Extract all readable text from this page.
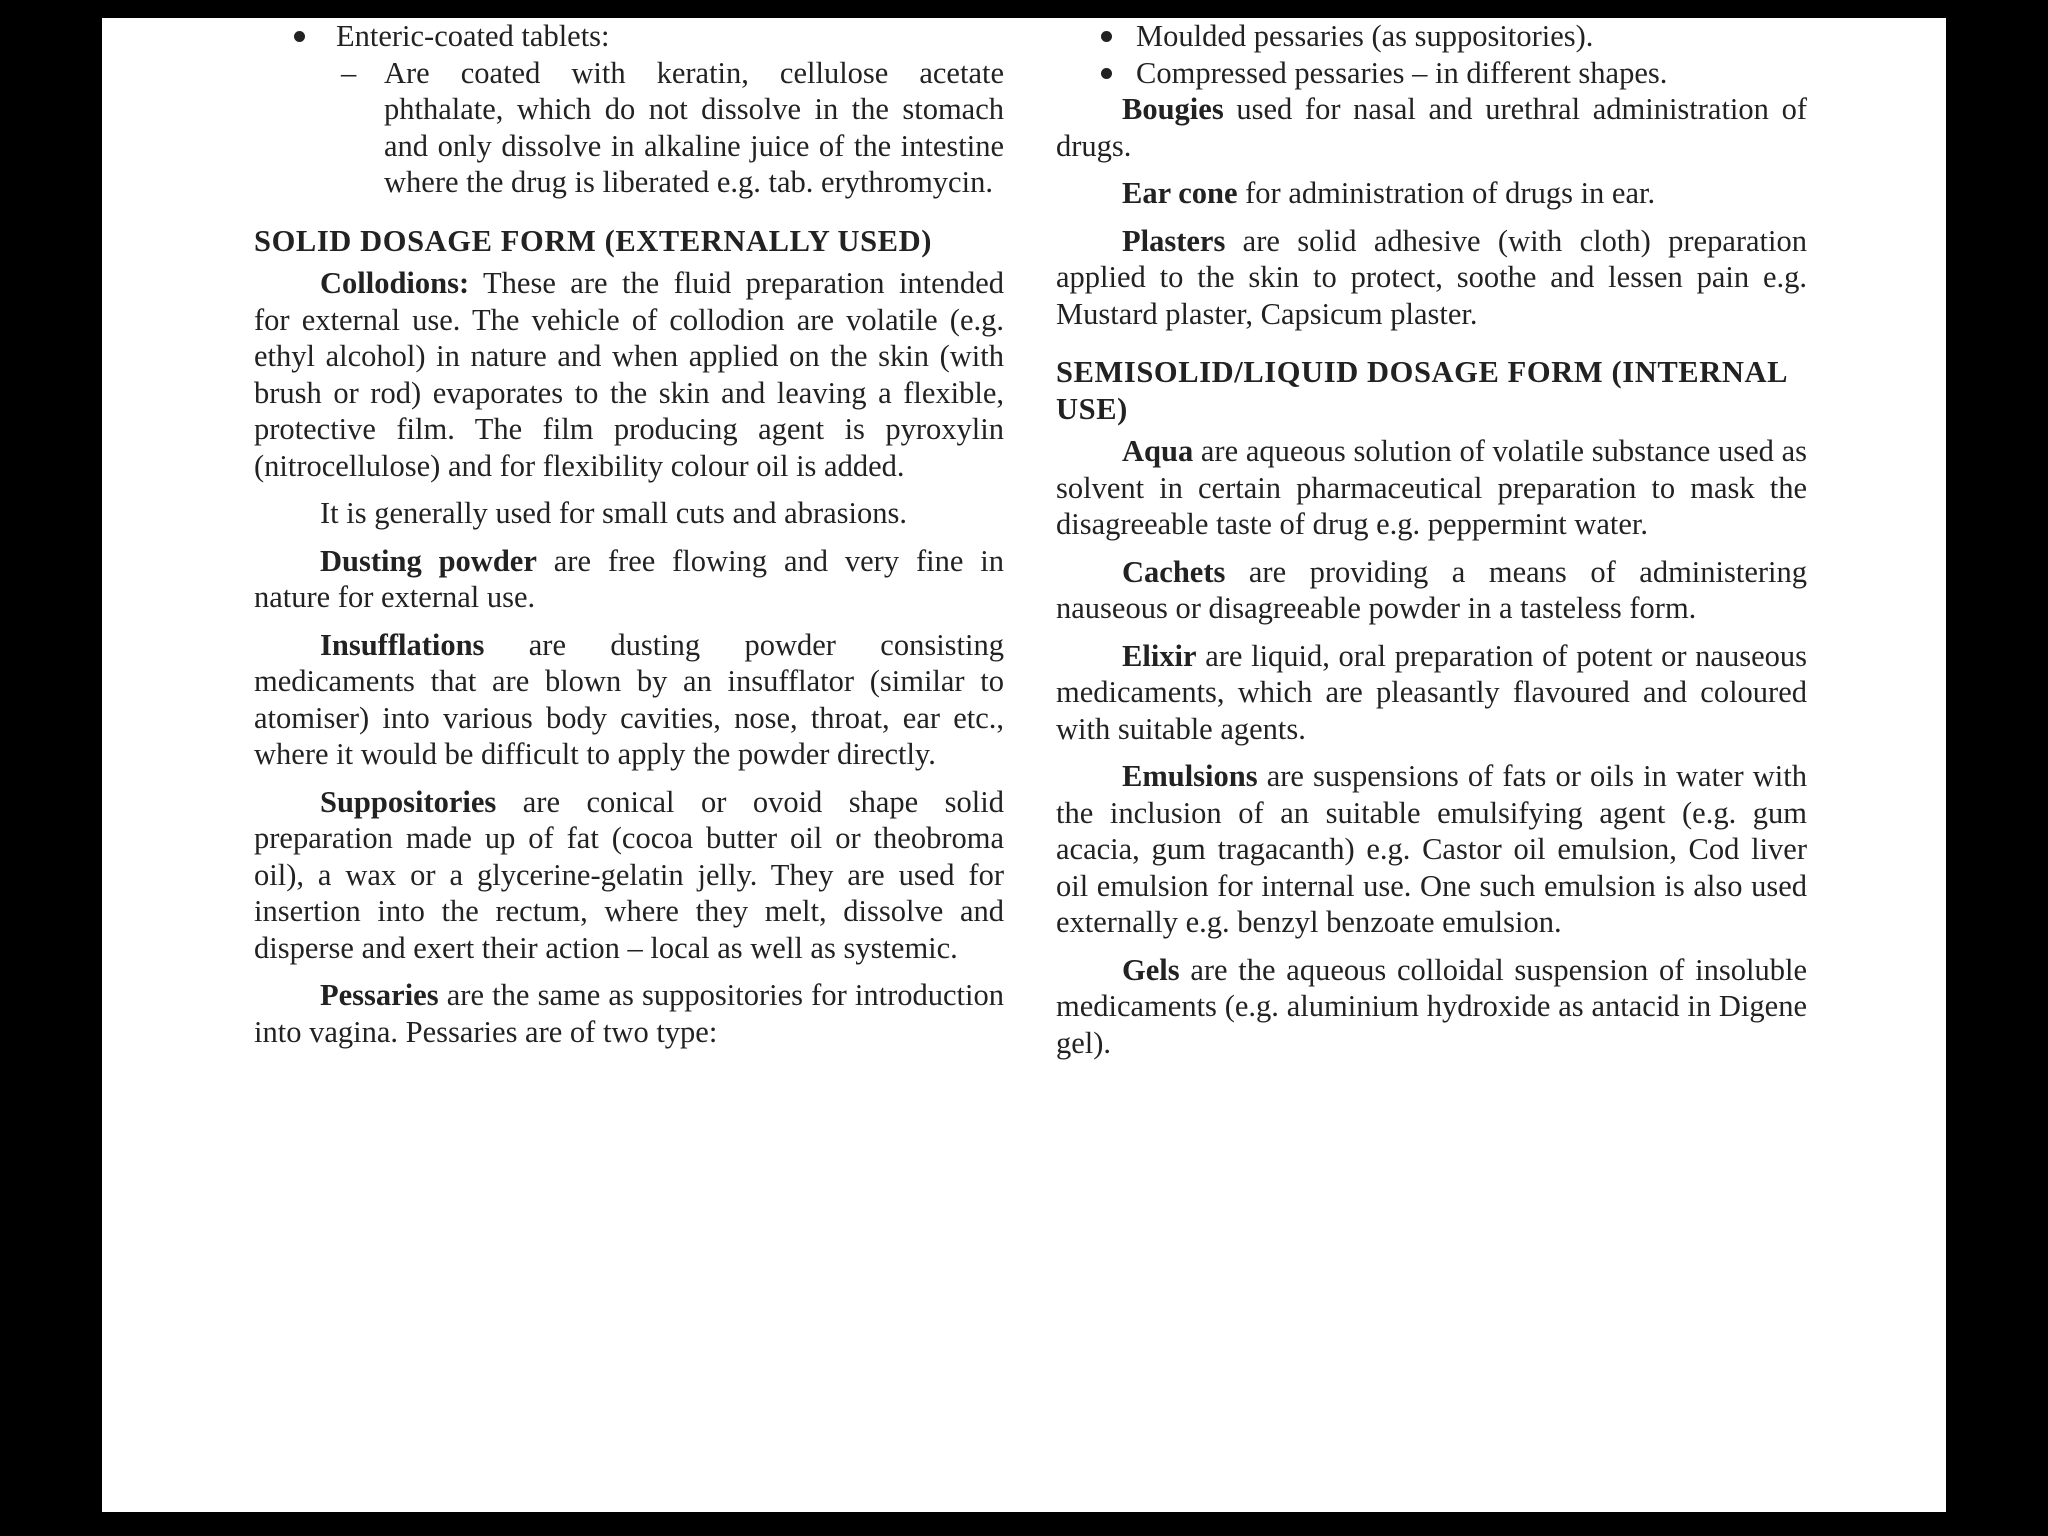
Enteric-coated tablets:

– Are coated with keratin, cellulose acetate phthalate, which do not dissolve in the stomach and only dissolve in alkaline juice of the intestine where the drug is liberated e.g. tab. erythromycin.

SOLID DOSAGE FORM (EXTERNALLY USED)

Collodions: These are the fluid preparation intended for external use. The vehicle of collodion are volatile (e.g. ethyl alcohol) in nature and when applied on the skin (with brush or rod) evaporates to the skin and leaving a flexible, protective film. The film producing agent is pyroxylin (nitrocellulose) and for flexibility colour oil is added.

It is generally used for small cuts and abrasions.

Dusting powder are free flowing and very fine in nature for external use.

Insufflations are dusting powder consisting medicaments that are blown by an insufflator (similar to atomiser) into various body cavities, nose, throat, ear etc., where it would be difficult to apply the powder directly.

Suppositories are conical or ovoid shape solid preparation made up of fat (cocoa butter oil or theobroma oil), a wax or a glycerine-gelatin jelly. They are used for insertion into the rectum, where they melt, dissolve and disperse and exert their action – local as well as systemic.

Pessaries are the same as suppositories for introduction into vagina. Pessaries are of two type:

Moulded pessaries (as suppositories).
Compressed pessaries – in different shapes.

Bougies used for nasal and urethral administration of drugs.

Ear cone for administration of drugs in ear.

Plasters are solid adhesive (with cloth) preparation applied to the skin to protect, soothe and lessen pain e.g. Mustard plaster, Capsicum plaster.

SEMISOLID/LIQUID DOSAGE FORM (INTERNAL USE)

Aqua are aqueous solution of volatile substance used as solvent in certain pharmaceutical preparation to mask the disagreeable taste of drug e.g. peppermint water.

Cachets are providing a means of administering nauseous or disagreeable powder in a tasteless form.

Elixir are liquid, oral preparation of potent or nauseous medicaments, which are pleasantly flavoured and coloured with suitable agents.

Emulsions are suspensions of fats or oils in water with the inclusion of an suitable emulsifying agent (e.g. gum acacia, gum tragacanth) e.g. Castor oil emulsion, Cod liver oil emulsion for internal use. One such emulsion is also used externally e.g. benzyl benzoate emulsion.

Gels are the aqueous colloidal suspension of insoluble medicaments (e.g. aluminium hydroxide as antacid in Digene gel).
